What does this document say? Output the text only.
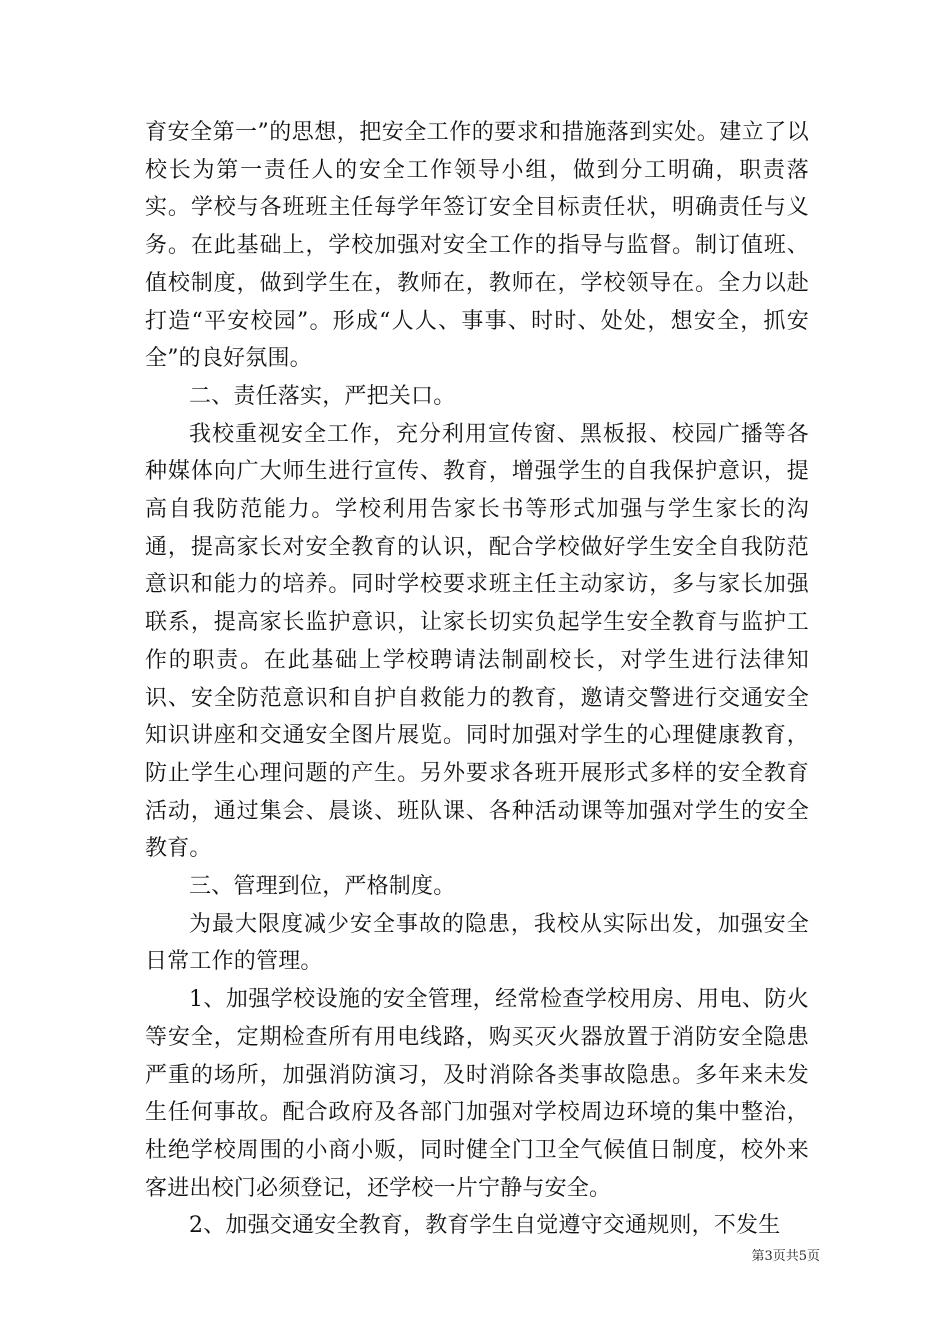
育安全第一”的思想，把安全工作的要求和措施落到实处。建立了以校长为第一责任人的安全工作领导小组，做到分工明确，职责落实。学校与各班班主任每学年签订安全目标责任状，明确责任与义务。在此基础上，学校加强对安全工作的指导与监督。制订值班、值校制度，做到学生在，教师在，教师在，学校领导在。全力以赴打造“平安校园”。形成“人人、事事、时时、处处，想安全，抓安全”的良好氛围。

二、责任落实，严把关口。

我校重视安全工作，充分利用宣传窗、黑板报、校园广播等各种媒体向广大师生进行宣传、教育，增强学生的自我保护意识，提高自我防范能力。学校利用告家长书等形式加强与学生家长的沟通，提高家长对安全教育的认识，配合学校做好学生安全自我防范意识和能力的培养。同时学校要求班主任主动家访，多与家长加强联系，提高家长监护意识，让家长切实负起学生安全教育与监护工作的职责。在此基础上学校聘请法制副校长，对学生进行法律知识、安全防范意识和自护自救能力的教育，邀请交警进行交通安全知识讲座和交通安全图片展览。同时加强对学生的心理健康教育，防止学生心理问题的产生。另外要求各班开展形式多样的安全教育活动，通过集会、晨谈、班队课、各种活动课等加强对学生的安全教育。

三、管理到位，严格制度。

为最大限度减少安全事故的隐患，我校从实际出发，加强安全日常工作的管理。

1、加强学校设施的安全管理，经常检查学校用房、用电、防火等安全，定期检查所有用电线路，购买灭火器放置于消防安全隐患严重的场所，加强消防演习，及时消除各类事故隐患。多年来未发生任何事故。配合政府及各部门加强对学校周边环境的集中整治，杜绝学校周围的小商小贩，同时健全门卫全气候值日制度，校外来客进出校门必须登记，还学校一片宁静与安全。

2、加强交通安全教育，教育学生自觉遵守交通规则，不发生

第3页共5页
